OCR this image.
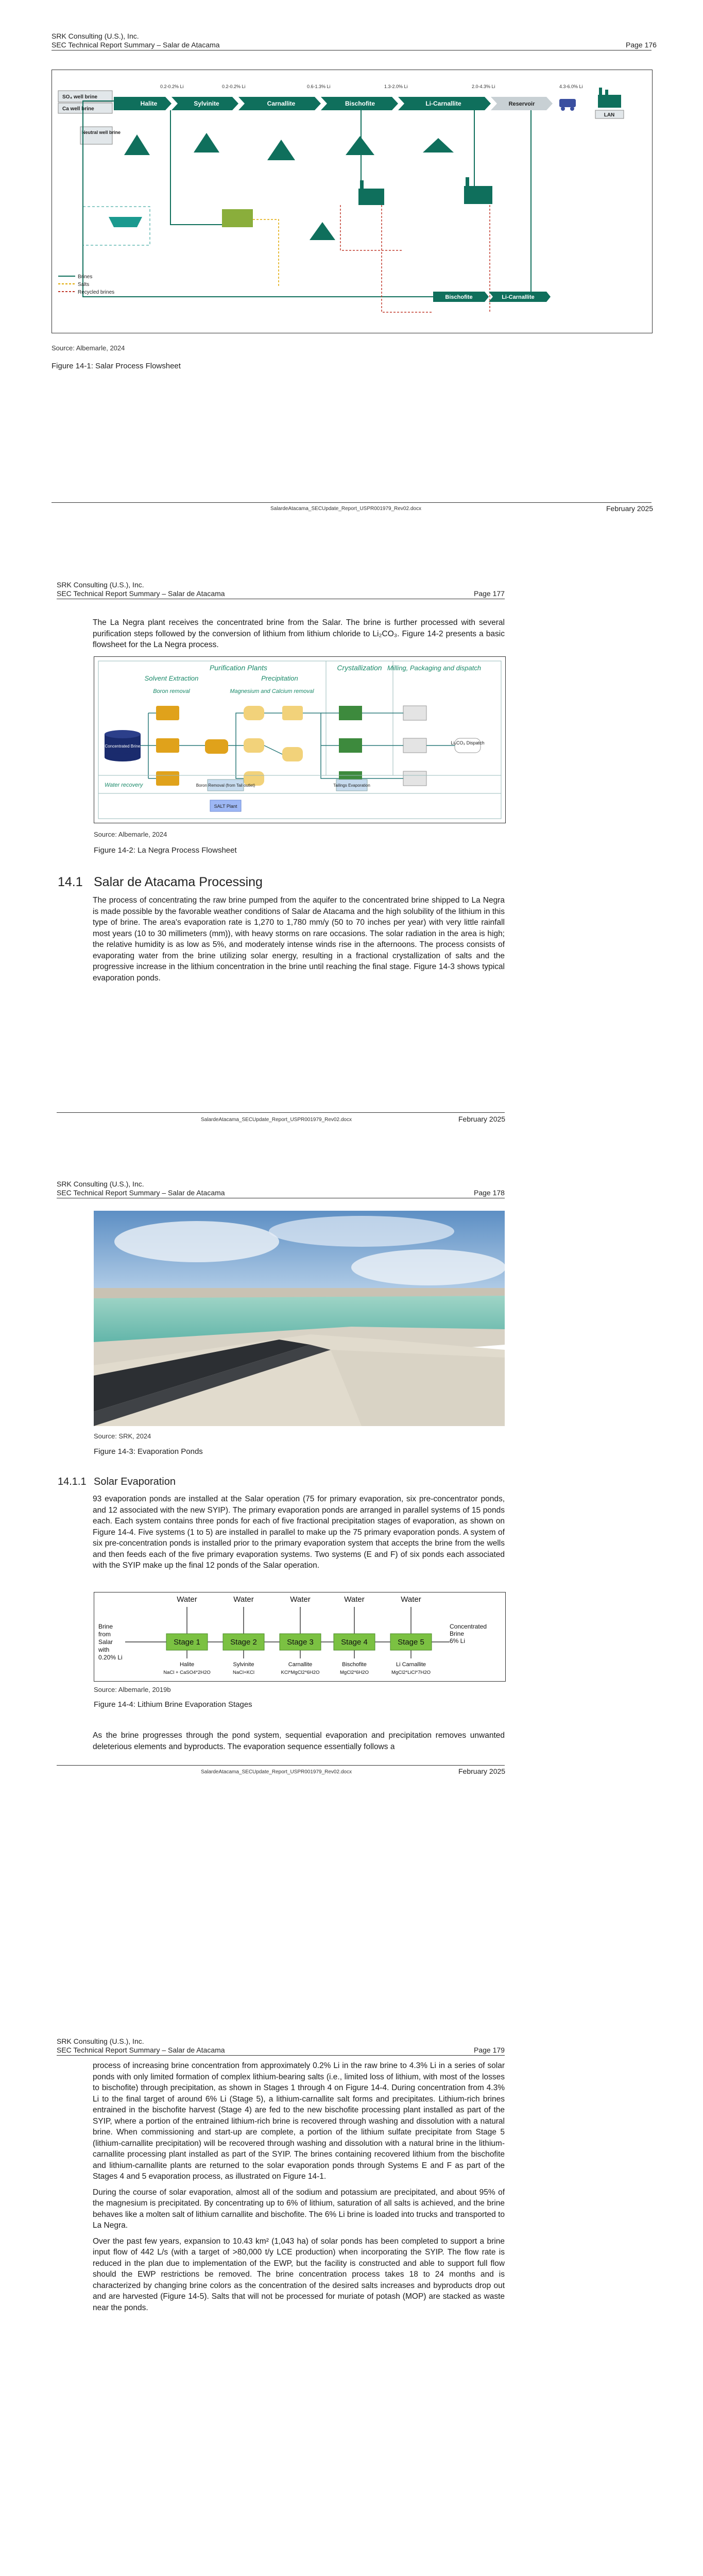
SRK Consulting (U.S.), Inc.
SEC Technical Report Summary – Salar de Atacama	Page 176
0.2-0.2% Li	0.2-0.2% Li	0.6-1.3% Li	1.3-2.0% Li	2.0-4.3% Li	4.3-6.0% Li
SO₄ well brine
Ca well brine
Neutral well brine
Halite	Sylvinite	Carnallite	Bischofite	Li-Carnallite	Reservoir
LAN
Bischofite	Li-Carnallite
Brines
Salts
Recycled brines
Source: Albemarle, 2024
Figure 14-1: Salar Process Flowsheet
SalardeAtacama_SECUpdate_Report_USPR001979_Rev02.docx	February 2025
SRK Consulting (U.S.), Inc.
SEC Technical Report Summary – Salar de Atacama	Page 177

The La Negra plant receives the concentrated brine from the Salar. The brine is further processed with several purification steps followed by the conversion of lithium from lithium chloride to Li₂CO₃. Figure 14-2 presents a basic flowsheet for the La Negra process.

Purification Plants	Crystallization Milling, Packaging and dispatch
Solvent Extraction	Precipitation
Boron removal	Magnesium and Calcium removal
Concentrated Brine
Li₂CO₃ Dispatch
Water recovery	Boron Removal (from Tail outlet)	Tailings Evaporation
SALT Plant
Source: Albemarle, 2024
Figure 14-2: La Negra Process Flowsheet
14.1 Salar de Atacama Processing

The process of concentrating the raw brine pumped from the aquifer to the concentrated brine shipped to La Negra is made possible by the favorable weather conditions of Salar de Atacama and the high solubility of the lithium in this type of brine. The area's evaporation rate is 1,270 to 1,780 mm/y (50 to 70 inches per year) with very little rainfall most years (10 to 30 millimeters (mm)), with heavy storms on rare occasions. The solar radiation in the area is high; the relative humidity is as low as 5%, and moderately intense winds rise in the afternoons. The process consists of evaporating water from the brine utilizing solar energy, resulting in a fractional crystallization of salts and the progressive increase in the lithium concentration in the brine until reaching the final stage. Figure 14-3 shows typical evaporation ponds.

SalardeAtacama_SECUpdate_Report_USPR001979_Rev02.docx	February 2025
SRK Consulting (U.S.), Inc.
SEC Technical Report Summary – Salar de Atacama	Page 178
Source: SRK, 2024
Figure 14-3: Evaporation Ponds
14.1.1 Solar Evaporation

93 evaporation ponds are installed at the Salar operation (75 for primary evaporation, six pre-concentrator ponds, and 12 associated with the new SYIP). The primary evaporation ponds are arranged in parallel systems of 15 ponds each. Each system contains three ponds for each of five fractional precipitation stages of evaporation, as shown on Figure 14-4. Five systems (1 to 5) are installed in parallel to make up the 75 primary evaporation ponds. A system of six pre-concentration ponds is installed prior to the primary evaporation system that accepts the brine from the wells and then feeds each of the five primary evaporation systems. Two systems (E and F) of six ponds each associated with the SYIP make up the final 12 ponds of the Salar operation.

Water	Water	Water	Water	Water
Stage 1	Stage 2	Stage 3	Stage 4	Stage 5
Brine
from
Salar
with
0.20% Li
Concentrated
Brine
6% Li
Halite	Sylvinite	Carnallite	Bischofite	Li Carnallite
NaCl + CaSO4*2H2O	NaCl+KCl	KCl*MgCl2*6H2O	MgCl2*6H2O	MgCl2*LiCl*7H2O
Source: Albemarle, 2019b
Figure 14-4: Lithium Brine Evaporation Stages

As the brine progresses through the pond system, sequential evaporation and precipitation removes unwanted deleterious elements and byproducts. The evaporation sequence essentially follows a

SalardeAtacama_SECUpdate_Report_USPR001979_Rev02.docx	February 2025
SRK Consulting (U.S.), Inc.
SEC Technical Report Summary – Salar de Atacama	Page 179

process of increasing brine concentration from approximately 0.2% Li in the raw brine to 4.3% Li in a series of solar ponds with only limited formation of complex lithium-bearing salts (i.e., limited loss of lithium, with most of the losses to bischofite) through precipitation, as shown in Stages 1 through 4 on Figure 14-4. During concentration from 4.3% Li to the final target of around 6% Li (Stage 5), a lithium-carnallite salt forms and precipitates. Lithium-rich brines entrained in the bischofite harvest (Stage 4) are fed to the new bischofite processing plant installed as part of the SYIP, where a portion of the entrained lithium-rich brine is recovered through washing and dissolution with a natural brine. When commissioning and start-up are complete, a portion of the lithium sulfate precipitate from Stage 5 (lithium-carnallite precipitation) will be recovered through washing and dissolution with a natural brine in the lithium-carnallite processing plant installed as part of the SYIP. The brines containing recovered lithium from the bischofite and lithium-carnallite plants are returned to the solar evaporation ponds through Systems E and F as part of the Stages 4 and 5 evaporation process, as illustrated on Figure 14-1.

During the course of solar evaporation, almost all of the sodium and potassium are precipitated, and about 95% of the magnesium is precipitated. By concentrating up to 6% of lithium, saturation of all salts is achieved, and the brine behaves like a molten salt of lithium carnallite and bischofite. The 6% Li brine is loaded into trucks and transported to La Negra.

Over the past few years, expansion to 10.43 km² (1,043 ha) of solar ponds has been completed to support a brine input flow of 442 L/s (with a target of >80,000 t/y LCE production) when incorporating the SYIP. The flow rate is reduced in the plan due to implementation of the EWP, but the facility is constructed and able to support full flow should the EWP restrictions be removed. The brine concentration process takes 18 to 24 months and is characterized by changing brine colors as the concentration of the desired salts increases and byproducts drop out and are harvested (Figure 14-5). Salts that will not be processed for muriate of potash (MOP) are stacked as waste near the ponds.
